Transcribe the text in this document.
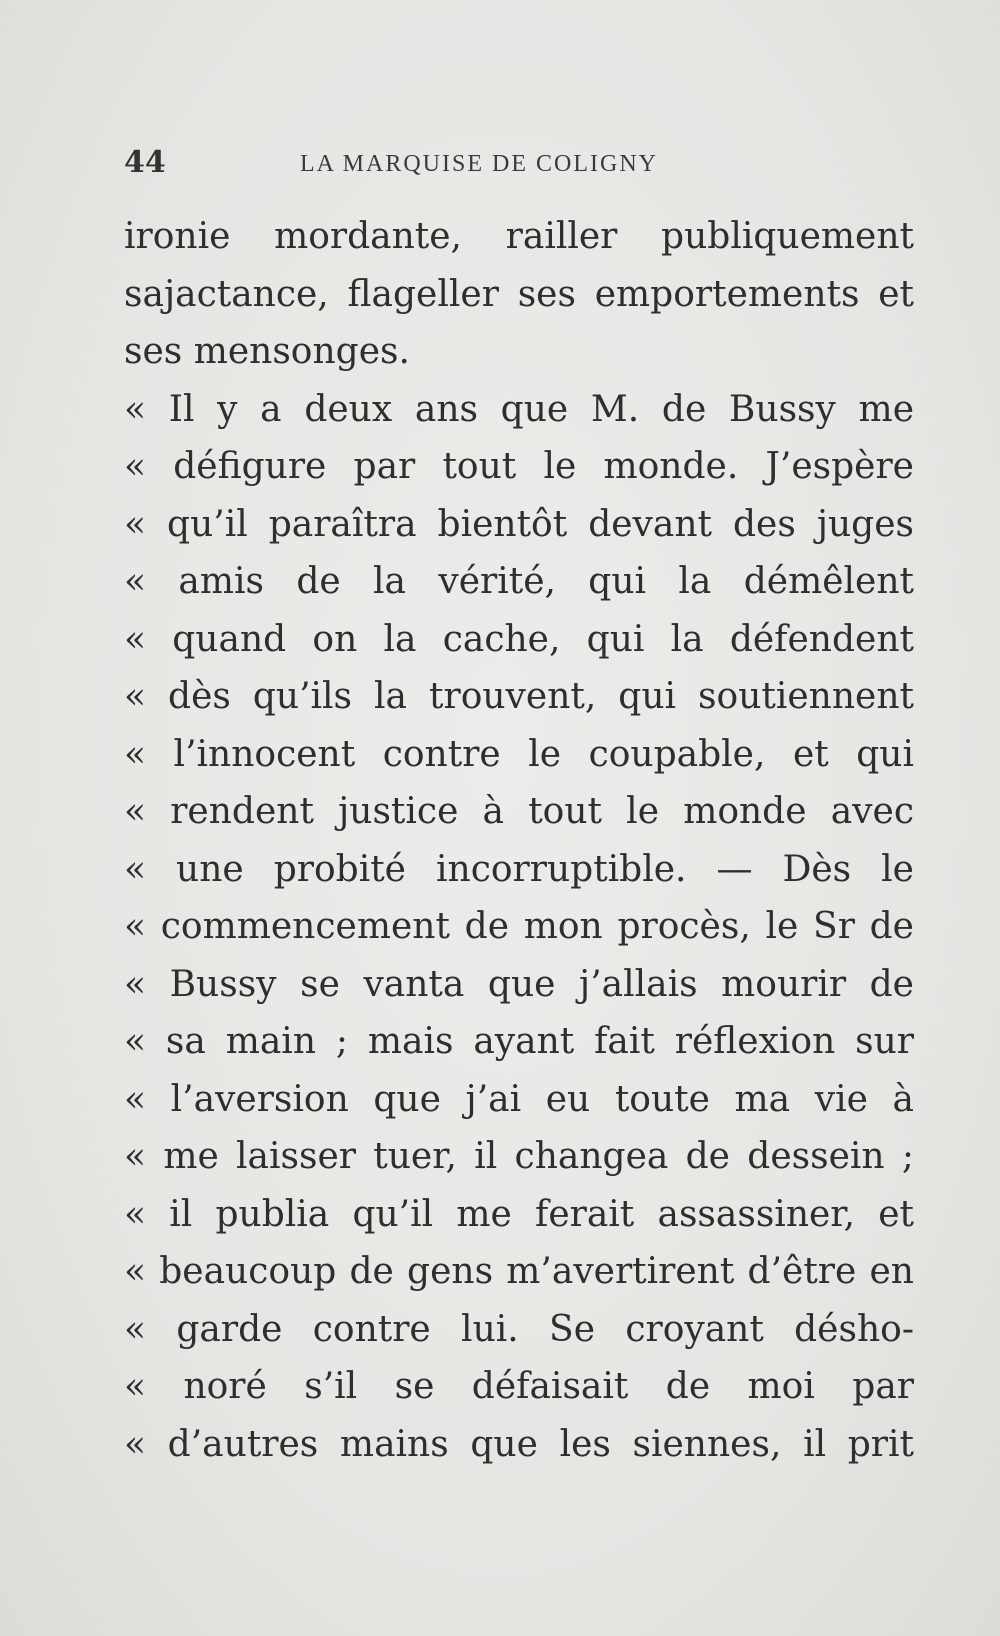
44	LA MARQUISE DE COLIGNY
ironie mordante, railler publiquement
sajactance, flageller ses emportements et
ses mensonges.
« Il y a deux ans que M. de Bussy me
« défigure par tout le monde. J’espère
« qu’il paraîtra bientôt devant des juges
« amis de la vérité, qui la démêlent
« quand on la cache, qui la défendent
« dès qu’ils la trouvent, qui soutiennent
« l’innocent contre le coupable, et qui
« rendent justice à tout le monde avec
« une probité incorruptible. — Dès le
« commencement de mon procès, le Sr de
« Bussy se vanta que j’allais mourir de
« sa main ; mais ayant fait réflexion sur
« l’aversion que j’ai eu toute ma vie à
« me laisser tuer, il changea de dessein ;
« il publia qu’il me ferait assassiner, et
« beaucoup de gens m’avertirent d’être en
« garde contre lui. Se croyant désho-
« noré s’il se défaisait de moi par
« d’autres mains que les siennes, il prit
